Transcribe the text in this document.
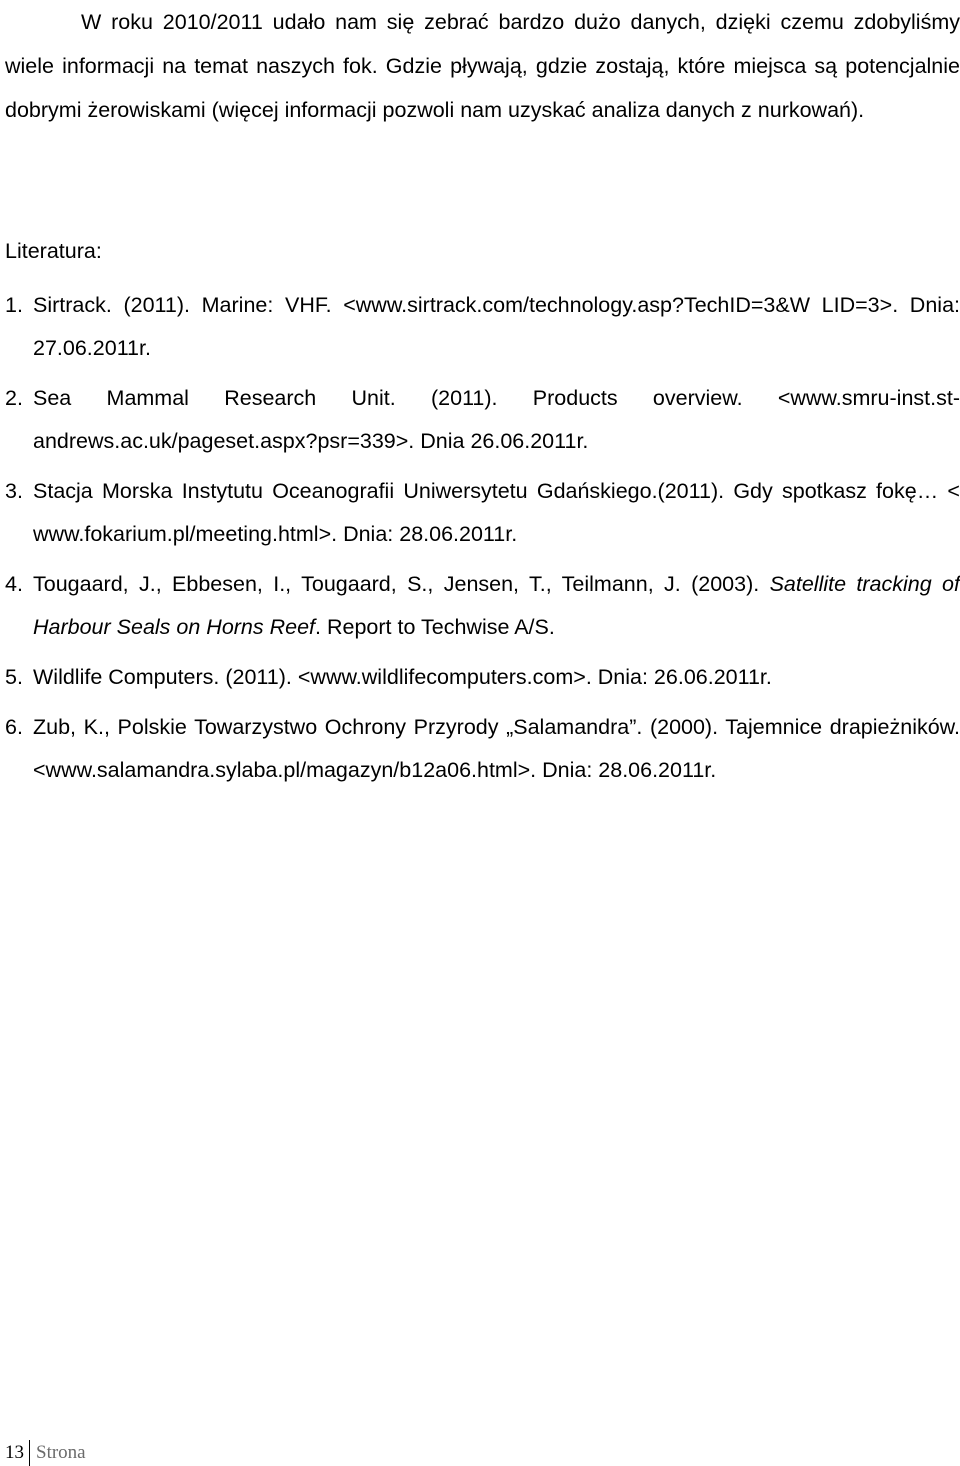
W roku 2010/2011 udało nam się zebrać bardzo dużo danych, dzięki czemu zdobyliśmy wiele informacji na temat naszych fok. Gdzie pływają, gdzie zostają, które miejsca są potencjalnie dobrymi żerowiskami (więcej informacji pozwoli nam uzyskać analiza danych z nurkowań).

Literatura:

1. Sirtrack. (2011). Marine: VHF. <www.sirtrack.com/technology.asp?TechID=3&W LID=3>. Dnia: 27.06.2011r.
2. Sea Mammal Research Unit. (2011). Products overview. <www.smru-inst.st-andrews.ac.uk/pageset.aspx?psr=339>. Dnia 26.06.2011r.
3. Stacja Morska Instytutu Oceanografii Uniwersytetu Gdańskiego.(2011). Gdy spotkasz fokę… < www.fokarium.pl/meeting.html>. Dnia: 28.06.2011r.
4. Tougaard, J., Ebbesen, I., Tougaard, S., Jensen, T., Teilmann, J. (2003). Satellite tracking of Harbour Seals on Horns Reef. Report to Techwise A/S.
5. Wildlife Computers. (2011). <www.wildlifecomputers.com>. Dnia: 26.06.2011r.
6. Zub, K., Polskie Towarzystwo Ochrony Przyrody „Salamandra”. (2000). Tajemnice drapieżników. <www.salamandra.sylaba.pl/magazyn/b12a06.html>. Dnia: 28.06.2011r.
13 Strona
